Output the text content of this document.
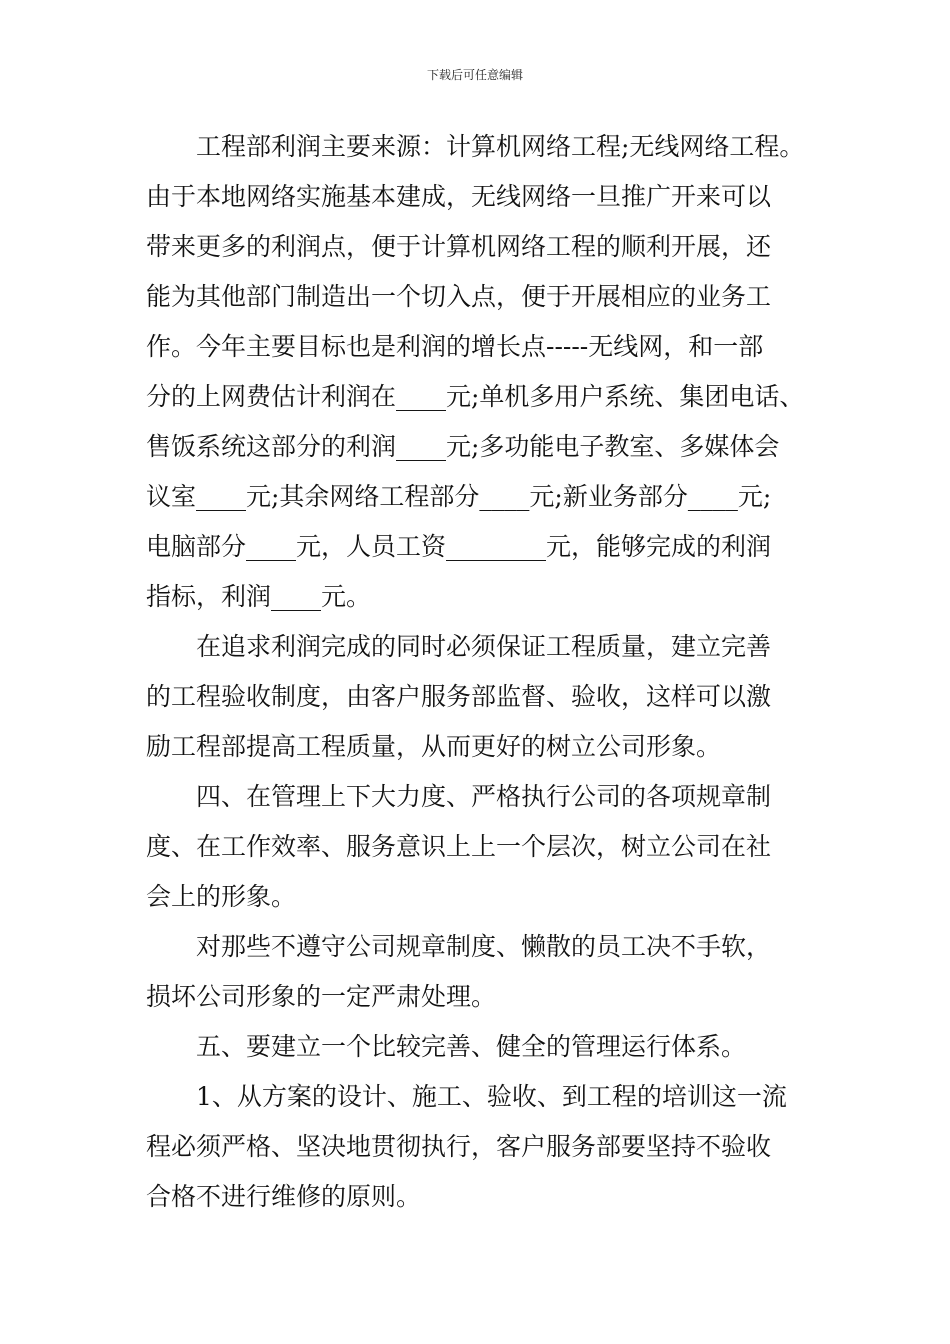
下载后可任意编辑
工程部利润主要来源：计算机网络工程;无线网络工程。
由于本地网络实施基本建成，无线网络一旦推广开来可以
带来更多的利润点，便于计算机网络工程的顺利开展，还
能为其他部门制造出一个切入点，便于开展相应的业务工
作。今年主要目标也是利润的增长点-----无线网，和一部
分的上网费估计利润在____元;单机多用户系统、集团电话、
售饭系统这部分的利润____元;多功能电子教室、多媒体会
议室____元;其余网络工程部分____元;新业务部分____元;
电脑部分____元，人员工资________元，能够完成的利润
指标，利润____元。
在追求利润完成的同时必须保证工程质量，建立完善
的工程验收制度，由客户服务部监督、验收，这样可以激
励工程部提高工程质量，从而更好的树立公司形象。
四、在管理上下大力度、严格执行公司的各项规章制
度、在工作效率、服务意识上上一个层次，树立公司在社
会上的形象。
对那些不遵守公司规章制度、懒散的员工决不手软，
损坏公司形象的一定严肃处理。
五、要建立一个比较完善、健全的管理运行体系。
1、从方案的设计、施工、验收、到工程的培训这一流
程必须严格、坚决地贯彻执行，客户服务部要坚持不验收
合格不进行维修的原则。
